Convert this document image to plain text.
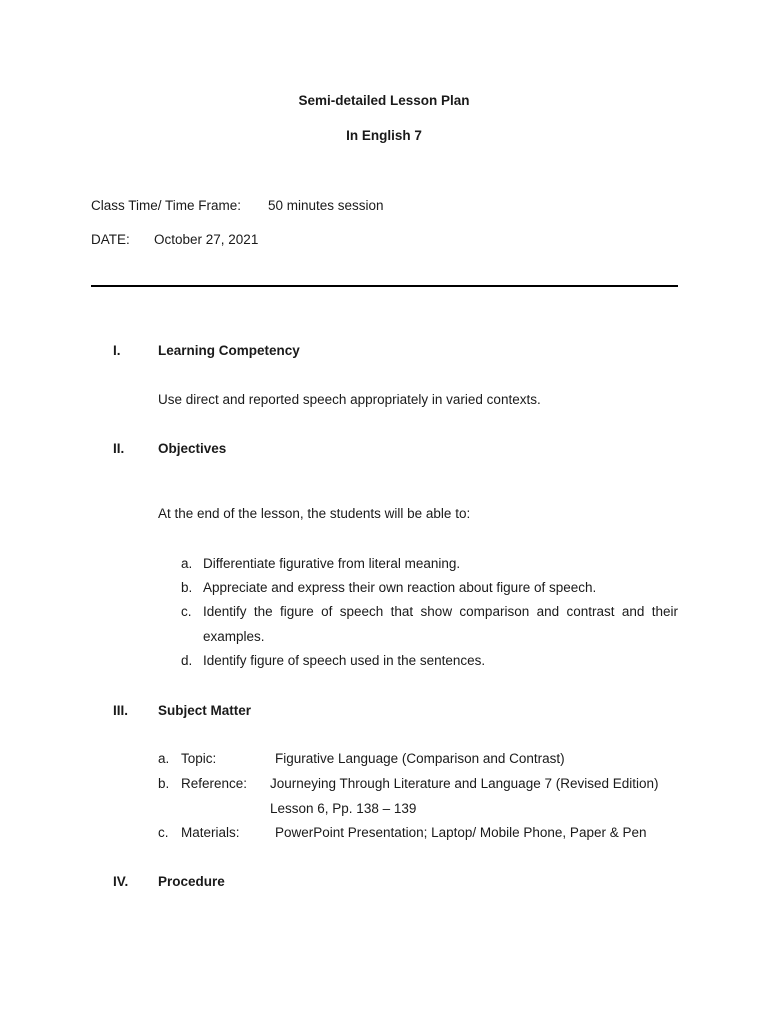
Semi-detailed Lesson Plan
In English 7
Class Time/ Time Frame: 50 minutes session
DATE: October 27, 2021
I.	Learning Competency
Use direct and reported speech appropriately in varied contexts.
II. Objectives
At the end of the lesson, the students will be able to:
a. Differentiate figurative from literal meaning.
b. Appreciate and express their own reaction about figure of speech.
c. Identify the figure of speech that show comparison and contrast and their
examples.
d. Identify figure of speech used in the sentences.
III. Subject Matter
a. Topic:	Figurative Language (Comparison and Contrast)
b. Reference: Journeying Through Literature and Language 7 (Revised Edition)
Lesson 6, Pp. 138 – 139
c. Materials:	PowerPoint Presentation; Laptop/ Mobile Phone, Paper & Pen
IV. Procedure
